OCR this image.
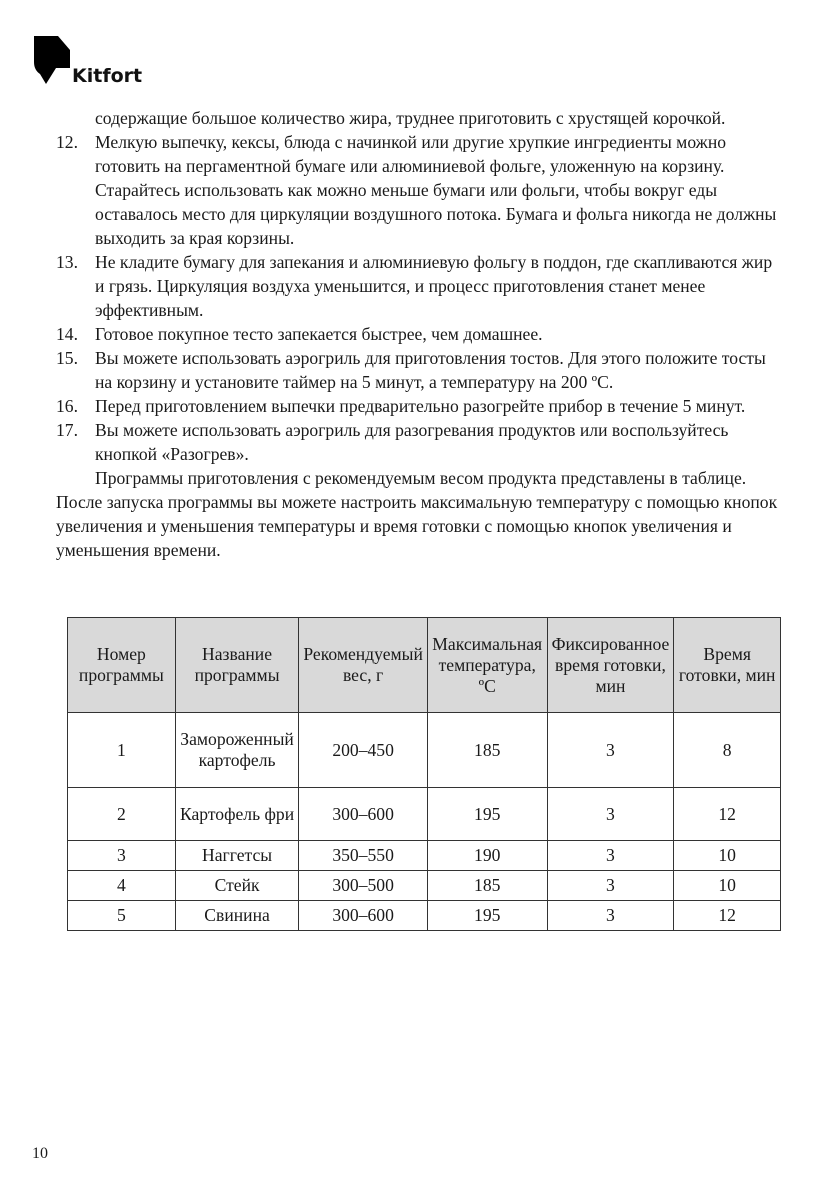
Kitfort

содержащие большое количество жира, труднее приготовить с хрустящей корочкой.

12. Мелкую выпечку, кексы, блюда с начинкой или другие хрупкие ингредиенты можно готовить на пергаментной бумаге или алюминиевой фольге, уложенную на корзину. Старайтесь использовать как можно меньше бумаги или фольги, чтобы вокруг еды оставалось место для циркуляции воздушного потока. Бумага и фольга никогда не должны выходить за края корзины.
13. Не кладите бумагу для запекания и алюминиевую фольгу в поддон, где скапливаются жир и грязь. Циркуляция воздуха уменьшится, и процесс приготовления станет менее эффективным.
14. Готовое покупное тесто запекается быстрее, чем домашнее.
15. Вы можете использовать аэрогриль для приготовления тостов. Для этого положите тосты на корзину и установите таймер на 5 минут, а температуру на 200 ºC.
16. Перед приготовлением выпечки предварительно разогрейте прибор в течение 5 минут.
17. Вы можете использовать аэрогриль для разогревания продуктов или воспользуйтесь кнопкой «Разогрев».

Программы приготовления с рекомендуемым весом продукта представлены в таблице. После запуска программы вы можете настроить максимальную температуру с помощью кнопок увеличения и уменьшения температуры и время готовки с помощью кнопок увеличения и уменьшения времени.

Номер программы	Название программы	Рекомендуемый вес, г	Максимальная температура, ºC	Фиксированное время готовки, мин	Время готовки, мин
1	Замороженный картофель	200–450	185	3	8
2	Картофель фри	300–600	195	3	12
3	Наггетсы	350–550	190	3	10
4	Стейк	300–500	185	3	10
5	Свинина	300–600	195	3	12
10
